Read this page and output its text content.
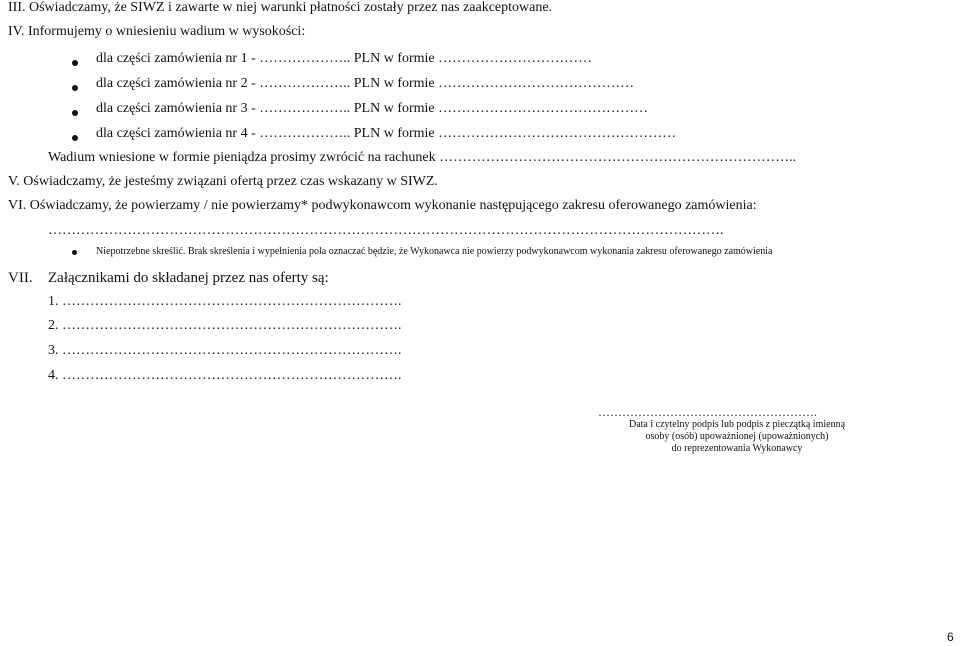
III. Oświadczamy, że SIWZ i zawarte w niej warunki płatności zostały przez nas zaakceptowane.
IV. Informujemy o wniesieniu wadium w wysokości:
dla części zamówienia nr 1 - ……………….. PLN w formie ……………………………
dla części zamówienia nr 2 - ……………….. PLN w formie ……………………………………
dla części zamówienia nr 3 - ……………….. PLN w formie ………………………………………
dla części zamówienia nr 4 - ……………….. PLN w formie ……………………………………………
Wadium wniesione w formie pieniądza prosimy zwrócić na rachunek …………………………………………………………………..
V. Oświadczamy, że jesteśmy związani ofertą przez czas wskazany w SIWZ.
VI. Oświadczamy, że powierzamy / nie powierzamy* podwykonawcom wykonanie następującego zakresu oferowanego zamówienia:
……………………………………………………………………………………………………………………………….
Niepotrzebne skreślić. Brak skreślenia i wypełnienia pola oznaczać będzie, że Wykonawca nie powierzy podwykonawcom wykonania zakresu oferowanego zamówienia
VII. Załącznikami do składanej przez nas oferty są:
1. ……………………………………………………………….
2. ……………………………………………………………….
3. ……………………………………………………………….
4. ……………………………………………………………….
……………………………………………….
Data i czytelny podpis lub podpis z pieczątką imienną
osoby (osób) upoważnionej (upoważnionych)
do reprezentowania Wykonawcy
6
